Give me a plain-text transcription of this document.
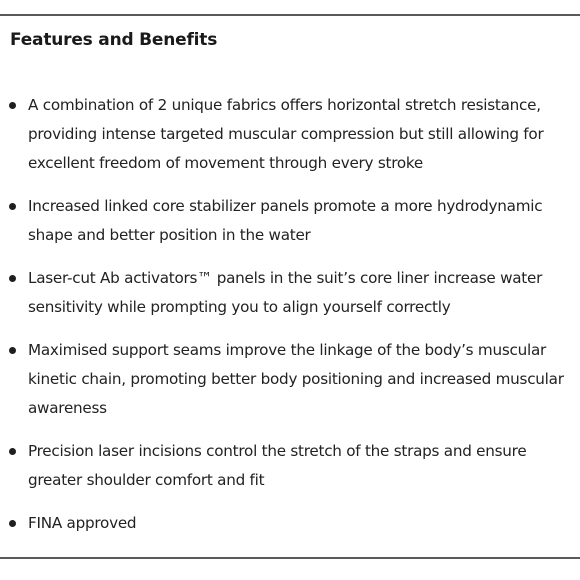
Features and Benefits
A combination of 2 unique fabrics offers horizontal stretch resistance, providing intense targeted muscular compression but still allowing for excellent freedom of movement through every stroke
Increased linked core stabilizer panels promote a more hydrodynamic shape and better position in the water
Laser-cut Ab activators™ panels in the suit’s core liner increase water sensitivity while prompting you to align yourself correctly
Maximised support seams improve the linkage of the body’s muscular kinetic chain, promoting better body positioning and increased muscular awareness
Precision laser incisions control the stretch of the straps and ensure greater shoulder comfort and fit
FINA approved
